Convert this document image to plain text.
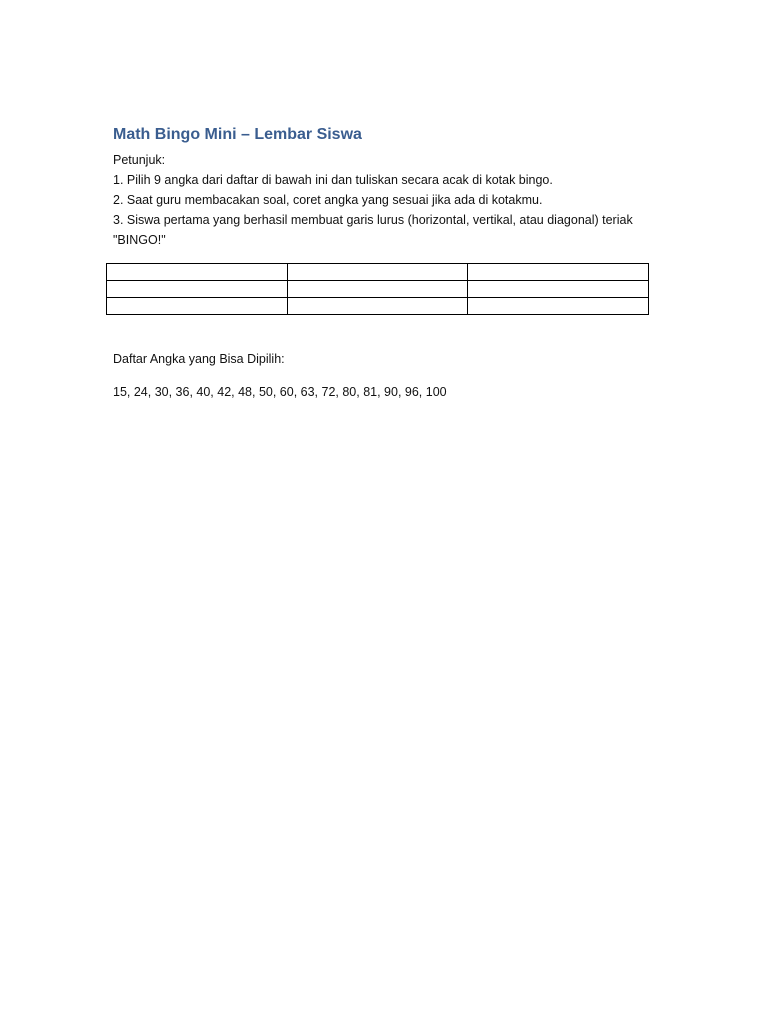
Math Bingo Mini – Lembar Siswa

Petunjuk:

1. Pilih 9 angka dari daftar di bawah ini dan tuliskan secara acak di kotak bingo.

2. Saat guru membacakan soal, coret angka yang sesuai jika ada di kotakmu.

3. Siswa pertama yang berhasil membuat garis lurus (horizontal, vertikal, atau diagonal) teriak "BINGO!"

Daftar Angka yang Bisa Dipilih:

15, 24, 30, 36, 40, 42, 48, 50, 60, 63, 72, 80, 81, 90, 96, 100
